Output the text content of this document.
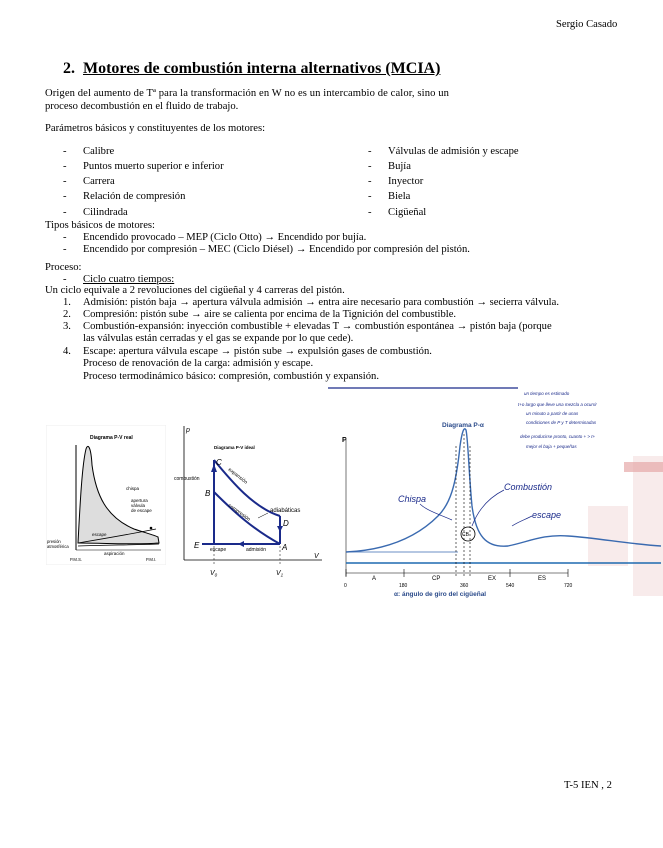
Sergio Casado
2. Motores de combustión interna alternativos (MCIA)
Origen del aumento de Tª para la transformación en W no es un intercambio de calor, sino un
proceso decombustión en el fluido de trabajo.
Parámetros básicos y constituyentes de los motores:
- Calibre
- Puntos muerto superior e inferior
- Carrera
- Relación de compresión
- Cilindrada
- Válvulas de admisión y escape
- Bujía
- Inyector
- Biela
- Cigüeñal
Tipos básicos de motores:
- Encendido provocado – MEP (Ciclo Otto) → Encendido por bujía.
- Encendido por compresión – MEC (Ciclo Diésel) → Encendido por compresión del pistón.
Proceso:
- Ciclo cuatro tiempos:
Un ciclo equivale a 2 revoluciones del cigüeñal y 4 carreras del pistón.
1. Admisión: pistón baja → apertura válvula admisión → entra aire necesario para combustión → secierra válvula.
2. Compresión: pistón sube → aire se calienta por encima de la Tignición del combustible.
3. Combustión-expansión: inyección combustible + elevadas T → combustión espontánea → pistón baja (porque
las válvulas están cerradas y el gas se expande por lo que cede).
4. Escape: apertura válvula escape → pistón sube → expulsión gases de combustión.
Proceso de renovación de la carga: admisión y escape.
Proceso termodinámico básico: compresión, combustión y expansión.
Diagrama P-V real
chispa
apertura
válvula
de escape
escape
presión
atmosférica
aspiración
P.M.S.	P.M.I.
p
V
Diagrama P-V ideal
C
B
D
A
E
combustión	expansión
compresión	adiabáticas
escape	admisión
$V_0$	$V_1$
P
Diagrama P-α
A	CP	EX	ES
0	180	360	540	720
α: ángulo de giro del cigüeñal
CB
Chispa
Combustión
escape
un tiempo es estimado
t+o largo que lleve una mezcla a ocurrir
un minuto a partir de unas
condiciones de P y T determinadas
debe producirse pronto, cuanto + > t+
mejor el baja + pequeñas
T-5 IEN , 2
